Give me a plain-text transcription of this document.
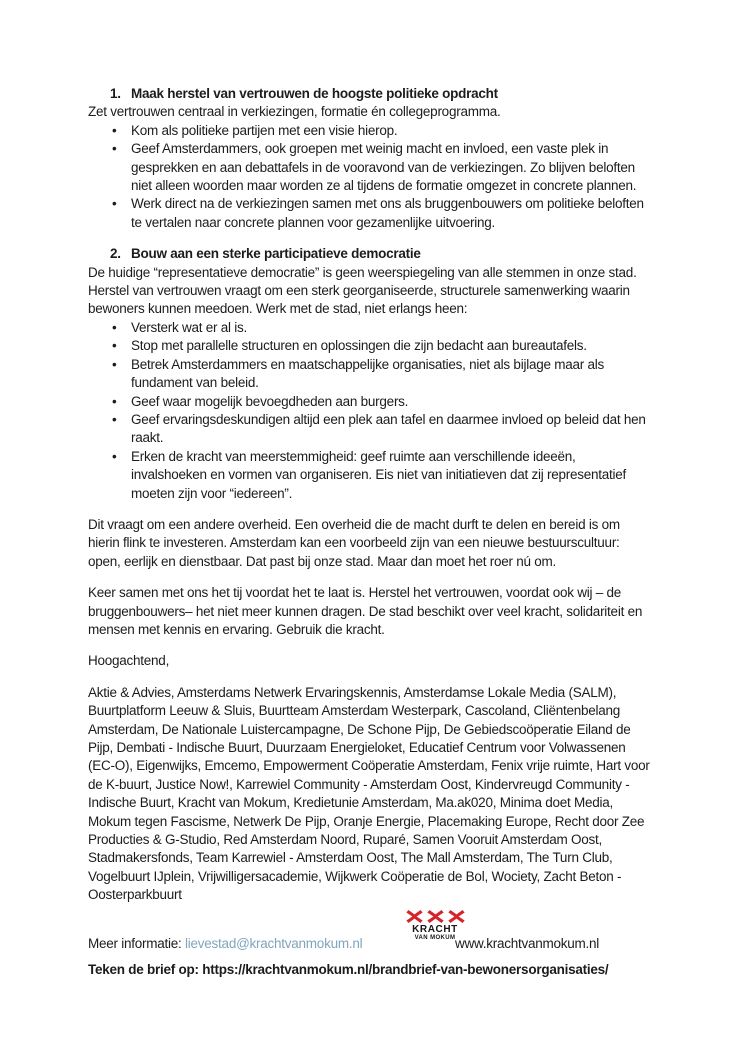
1. Maak herstel van vertrouwen de hoogste politieke opdracht

Zet vertrouwen centraal in verkiezingen, formatie én collegeprogramma.

• Kom als politieke partijen met een visie hierop.
• Geef Amsterdammers, ook groepen met weinig macht en invloed, een vaste plek in gesprekken en aan debattafels in de vooravond van de verkiezingen. Zo blijven beloften niet alleen woorden maar worden ze al tijdens de formatie omgezet in concrete plannen.
• Werk direct na de verkiezingen samen met ons als bruggenbouwers om politieke beloften te vertalen naar concrete plannen voor gezamenlijke uitvoering.
2. Bouw aan een sterke participatieve democratie

De huidige “representatieve democratie” is geen weerspiegeling van alle stemmen in onze stad. Herstel van vertrouwen vraagt om een sterk georganiseerde, structurele samenwerking waarin bewoners kunnen meedoen. Werk met de stad, niet erlangs heen:

• Versterk wat er al is.
• Stop met parallelle structuren en oplossingen die zijn bedacht aan bureautafels.
• Betrek Amsterdammers en maatschappelijke organisaties, niet als bijlage maar als fundament van beleid.
• Geef waar mogelijk bevoegdheden aan burgers.
• Geef ervaringsdeskundigen altijd een plek aan tafel en daarmee invloed op beleid dat hen raakt.
• Erken de kracht van meerstemmigheid: geef ruimte aan verschillende ideeën, invalshoeken en vormen van organiseren. Eis niet van initiatieven dat zij representatief moeten zijn voor “iedereen”.

Dit vraagt om een andere overheid. Een overheid die de macht durft te delen en bereid is om hierin flink te investeren. Amsterdam kan een voorbeeld zijn van een nieuwe bestuurscultuur: open, eerlijk en dienstbaar. Dat past bij onze stad. Maar dan moet het roer nú om.

Keer samen met ons het tij voordat het te laat is. Herstel het vertrouwen, voordat ook wij – de bruggenbouwers– het niet meer kunnen dragen. De stad beschikt over veel kracht, solidariteit en mensen met kennis en ervaring. Gebruik die kracht.

Hoogachtend,

Aktie & Advies, Amsterdams Netwerk Ervaringskennis, Amsterdamse Lokale Media (SALM), Buurtplatform Leeuw & Sluis, Buurtteam Amsterdam Westerpark, Cascoland, Cliëntenbelang Amsterdam, De Nationale Luistercampagne, De Schone Pijp, De Gebiedscoöperatie Eiland de Pijp, Dembati - Indische Buurt, Duurzaam Energieloket, Educatief Centrum voor Volwassenen (EC-O), Eigenwijks, Emcemo, Empowerment Coöperatie Amsterdam, Fenix vrije ruimte, Hart voor de K-buurt, Justice Now!, Karrewiel Community - Amsterdam Oost, Kindervreugd Community - Indische Buurt, Kracht van Mokum, Kredietunie Amsterdam, Ma.ak020, Minima doet Media, Mokum tegen Fascisme, Netwerk De Pijp, Oranje Energie, Placemaking Europe, Recht door Zee Producties & G-Studio, Red Amsterdam Noord, Ruparé, Samen Vooruit Amsterdam Oost, Stadmakersfonds, Team Karrewiel - Amsterdam Oost, The Mall Amsterdam, The Turn Club, Vogelbuurt IJplein, Vrijwilligersacademie, Wijkwerk Coöperatie de Bol, Wociety, Zacht Beton - Oosterparkbuurt

Meer informatie: lievestad@krachtvanmokum.nl
KRACHT
VAN MOKUM www.krachtvanmokum.nl

Teken de brief op: https://krachtvanmokum.nl/brandbrief-van-bewonersorganisaties/
